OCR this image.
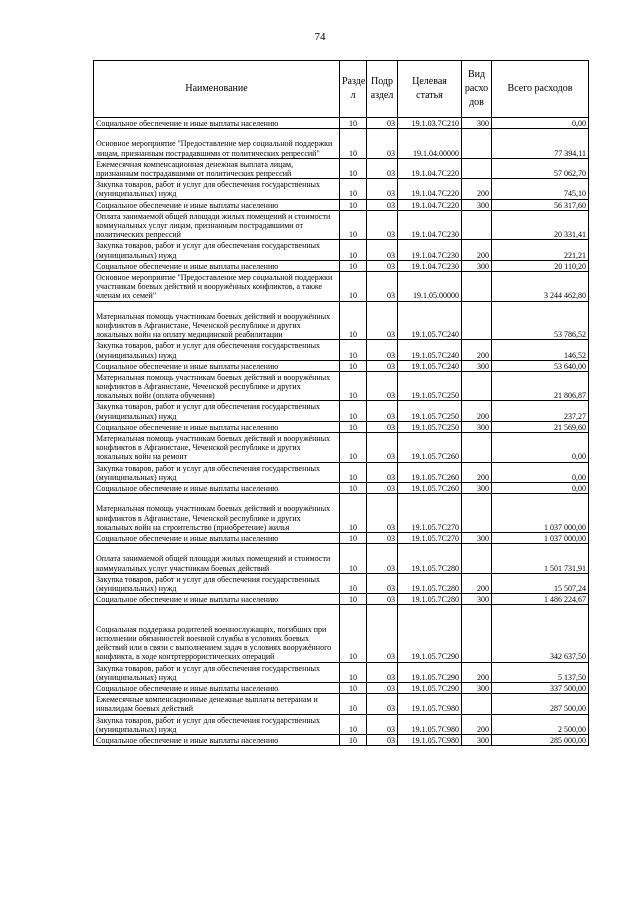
74
Наименование	Разде л	Подр аздел	Целевая статья	Вид расхо дов	Всего расходов
Социальное обеспечение и иные выплаты населению	10	03	19.1.03.7С210	300	0,00
Основное мероприятие "Предоставление мер социальной поддержки лицам, признанным пострадавшими от политических репрессий"	10	03	19.1.04.00000		77 394,11
Ежемесячная компенсационная денежная выплата лицам, признанным пострадавшими от политических репрессий	10	03	19.1.04.7С220		57 062,70
Закупка товаров, работ и услуг для обеспечения государственных (муниципальных) нужд	10	03	19.1.04.7С220	200	745,10
Социальное обеспечение и иные выплаты населению	10	03	19.1.04.7С220	300	56 317,60
Оплата занимаемой общей площади жилых помещений и стоимости коммунальных услуг лицам, признанным пострадавшими от политических репрессий	10	03	19.1.04.7С230		20 331,41
Закупка товаров, работ и услуг для обеспечения государственных (муниципальных) нужд	10	03	19.1.04.7С230	200	221,21
Социальное обеспечение и иные выплаты населению	10	03	19.1.04.7С230	300	20 110,20
Основное мероприятие "Предоставление мер социальной поддержки участникам боевых действий и вооружённых конфликтов, а также членам их семей"	10	03	19.1.05.00000		3 244 462,80
Материальная помощь участникам боевых действий и вооружённых конфликтов в Афганистане, Чеченской республике и других локальных войн на оплату медицинской реабилитации	10	03	19.1.05.7С240		53 786,52
Закупка товаров, работ и услуг для обеспечения государственных (муниципальных) нужд	10	03	19.1.05.7С240	200	146,52
Социальное обеспечение и иные выплаты населению	10	03	19.1.05.7С240	300	53 640,00
Материальная помощь участникам боевых действий и вооружённых конфликтов в Афганистане, Чеченской республике и других локальных войн (оплата обучения)	10	03	19.1.05.7С250		21 806,87
Закупка товаров, работ и услуг для обеспечения государственных (муниципальных) нужд	10	03	19.1.05.7С250	200	237,27
Социальное обеспечение и иные выплаты населению	10	03	19.1.05.7С250	300	21 569,60
Материальная помощь участникам боевых действий и вооружённых конфликтов в Афганистане, Чеченской республике и других локальных войн на ремонт	10	03	19.1.05.7С260		0,00
Закупка товаров, работ и услуг для обеспечения государственных (муниципальных) нужд	10	03	19.1.05.7С260	200	0,00
Социальное обеспечение и иные выплаты населению	10	03	19.1.05.7С260	300	0,00
Материальная помощь участникам боевых действий и вооружённых конфликтов в Афганистане, Чеченской республике и других локальных войн на строительство (приобретение) жилья	10	03	19.1.05.7С270		1 037 000,00
Социальное обеспечение и иные выплаты населению	10	03	19.1.05.7С270	300	1 037 000,00
Оплата занимаемой общей площади жилых помещений и стоимости коммунальных услуг участникам боевых действий	10	03	19.1.05.7С280		1 501 731,91
Закупка товаров, работ и услуг для обеспечения государственных (муниципальных) нужд	10	03	19.1.05.7С280	200	15 507,24
Социальное обеспечение и иные выплаты населению	10	03	19.1.05.7С280	300	1 486 224,67
Социальная поддержка родителей военнослужащих, погибших при исполнении обязанностей военной службы в условиях боевых действий или в связи с выполнением задач в условиях вооружённого конфликта, в ходе контртеррористических операций	10	03	19.1.05.7С290		342 637,50
Закупка товаров, работ и услуг для обеспечения государственных (муниципальных) нужд	10	03	19.1.05.7С290	200	5 137,50
Социальное обеспечение и иные выплаты населению	10	03	19.1.05.7С290	300	337 500,00
Ежемесячные компенсационные денежные выплаты ветеранам и инвалидам боевых действий	10	03	19.1.05.7С980		287 500,00
Закупка товаров, работ и услуг для обеспечения государственных (муниципальных) нужд	10	03	19.1.05.7С980	200	2 500,00
Социальное обеспечение и иные выплаты населению	10	03	19.1.05.7С980	300	285 000,00
